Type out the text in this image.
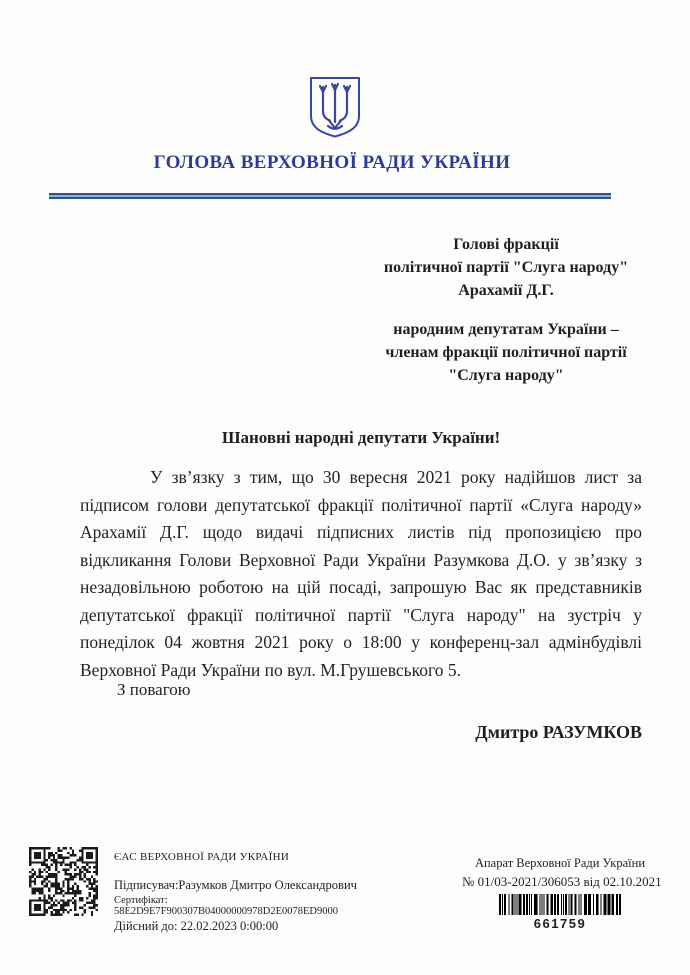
ГОЛОВА ВЕРХОВНОЇ РАДИ УКРАЇНИ
Голові фракції
політичної партії "Слуга народу"
Арахамії Д.Г.
народним депутатам України –
членам фракції політичної партії
"Слуга народу"
Шановні народні депутати України!
У зв’язку з тим, що 30 вересня 2021 року надійшов лист за підписом голови депутатської фракції політичної партії «Слуга народу» Арахамії Д.Г. щодо видачі підписних листів під пропозицією про відкликання Голови Верховної Ради України Разумкова Д.О. у зв’язку з незадовільною роботою на цій посаді, запрошую Вас як представників депутатської фракції політичної партії "Слуга народу" на зустріч у понеділок 04 жовтня 2021 року о 18:00 у конференц-зал адмінбудівлі Верховної Ради України по вул. М.Грушевського 5.
З повагою
Дмитро РАЗУМКОВ
ЄАС ВЕРХОВНОЇ РАДИ УКРАЇНИ
Підписувач:Разумков Дмитро Олександрович
Сертифікат: 58E2D9E7F900307B04000000978D2E0078ED9000
Дійсний до: 22.02.2023 0:00:00
Апарат Верховної Ради України
№ 01/03-2021/306053 від 02.10.2021
661759
